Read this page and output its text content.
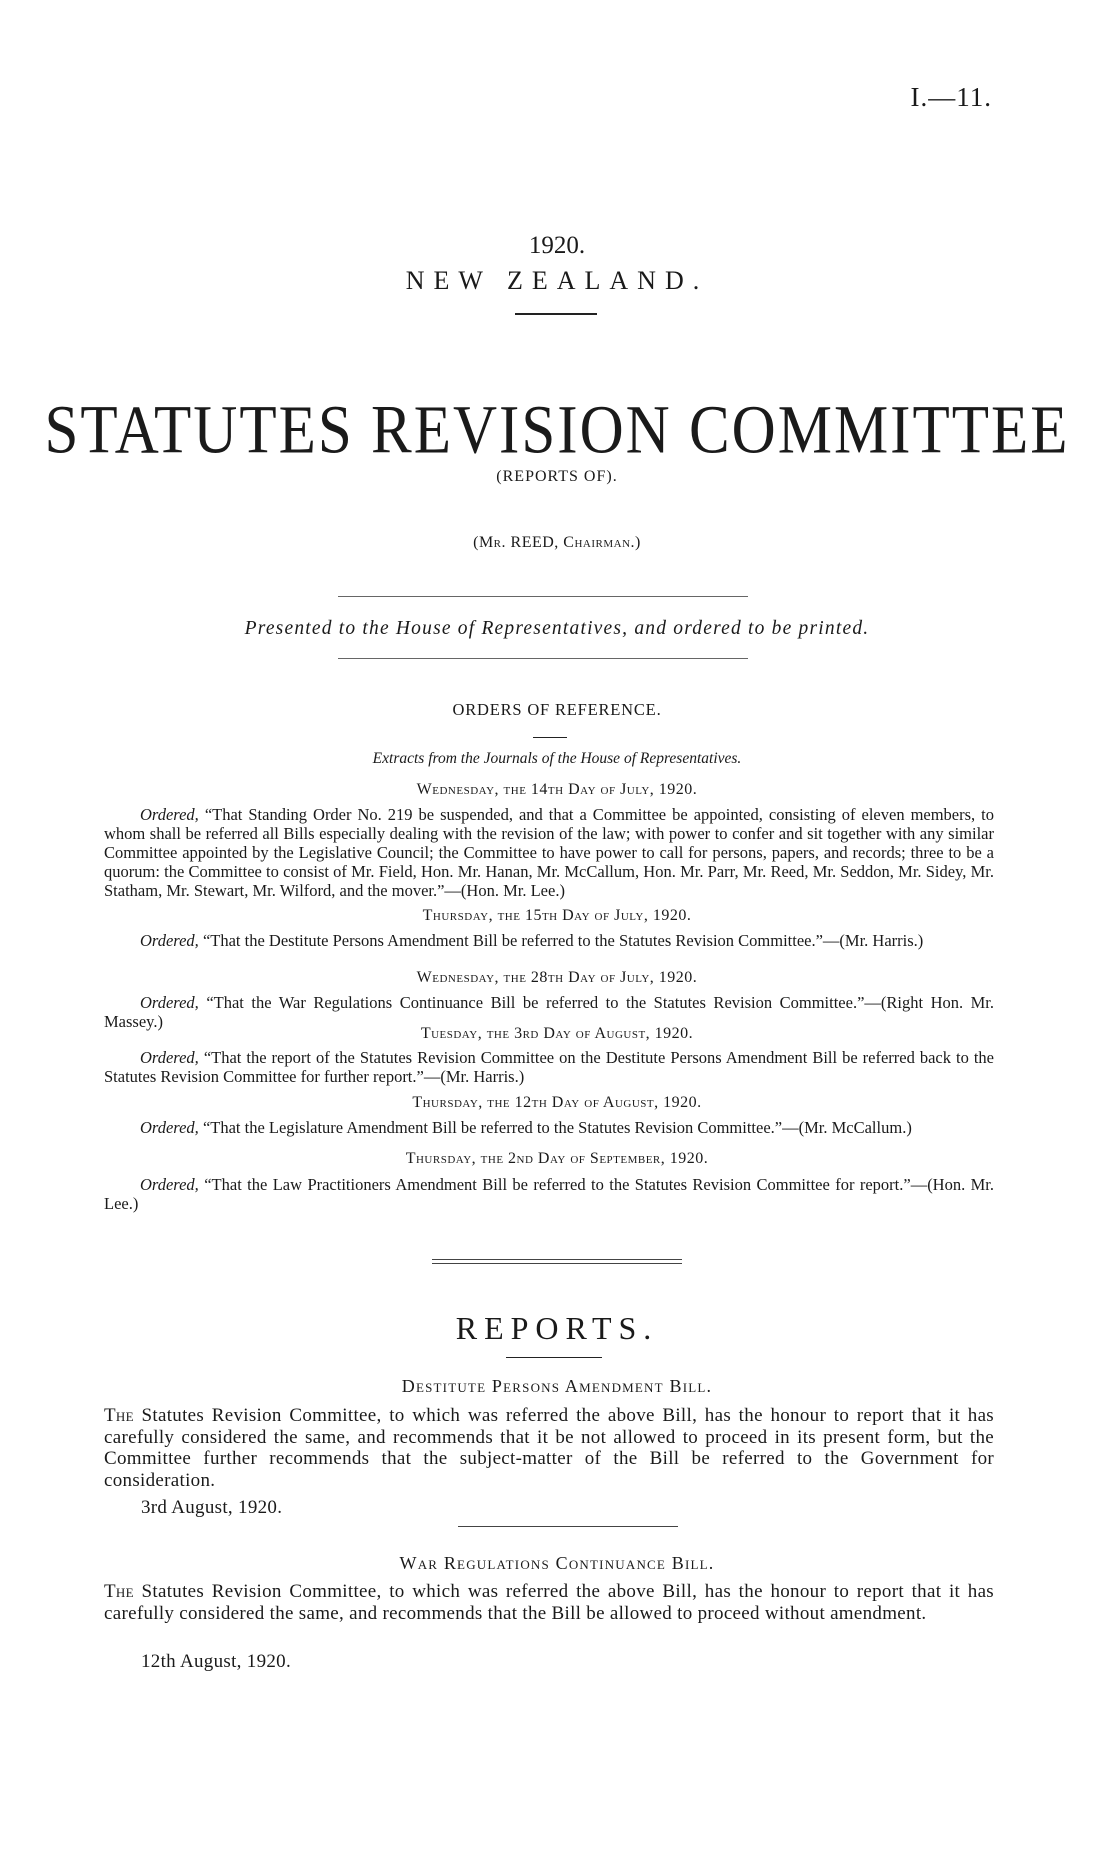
I.—11.
1920.
NEW ZEALAND.
STATUTES REVISION COMMITTEE
(REPORTS OF).
(Mr. REED, Chairman.)
Presented to the House of Representatives, and ordered to be printed.
ORDERS OF REFERENCE.
Extracts from the Journals of the House of Representatives.
Wednesday, the 14th Day of July, 1920.
Ordered, “That Standing Order No. 219 be suspended, and that a Committee be appointed, consisting of eleven members, to whom shall be referred all Bills especially dealing with the revision of the law; with power to confer and sit together with any similar Committee appointed by the Legislative Council; the Committee to have power to call for persons, papers, and records; three to be a quorum: the Committee to consist of Mr. Field, Hon. Mr. Hanan, Mr. McCallum, Hon. Mr. Parr, Mr. Reed, Mr. Seddon, Mr. Sidey, Mr. Statham, Mr. Stewart, Mr. Wilford, and the mover.”—(Hon. Mr. Lee.)
Thursday, the 15th Day of July, 1920.
Ordered, “That the Destitute Persons Amendment Bill be referred to the Statutes Revision Committee.”—(Mr. Harris.)
Wednesday, the 28th Day of July, 1920.
Ordered, “That the War Regulations Continuance Bill be referred to the Statutes Revision Committee.”—(Right Hon. Mr. Massey.)
Tuesday, the 3rd Day of August, 1920.
Ordered, “That the report of the Statutes Revision Committee on the Destitute Persons Amendment Bill be referred back to the Statutes Revision Committee for further report.”—(Mr. Harris.)
Thursday, the 12th Day of August, 1920.
Ordered, “That the Legislature Amendment Bill be referred to the Statutes Revision Committee.”—(Mr. McCallum.)
Thursday, the 2nd Day of September, 1920.
Ordered, “That the Law Practitioners Amendment Bill be referred to the Statutes Revision Committee for report.”—(Hon. Mr. Lee.)
REPORTS.
Destitute Persons Amendment Bill.
The Statutes Revision Committee, to which was referred the above Bill, has the honour to report that it has carefully considered the same, and recommends that it be not allowed to proceed in its present form, but the Committee further recommends that the subject-matter of the Bill be referred to the Government for consideration.
3rd August, 1920.
War Regulations Continuance Bill.
The Statutes Revision Committee, to which was referred the above Bill, has the honour to report that it has carefully considered the same, and recommends that the Bill be allowed to proceed without amendment.
12th August, 1920.
